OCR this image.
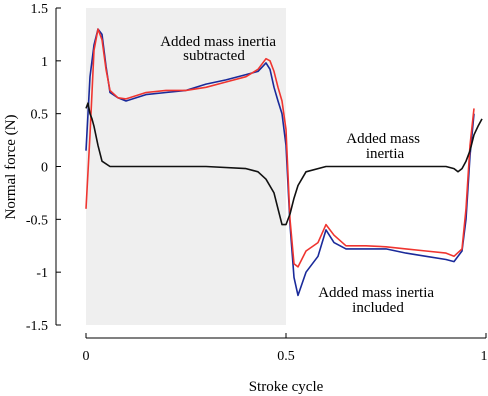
-1.5
-1
-0.5
0
0.5
1
1.5
0	0.5	1
Stroke cycle
Normal force (N)
Added mass inertia subtracted
Added mass inertia
Added mass inertia included
